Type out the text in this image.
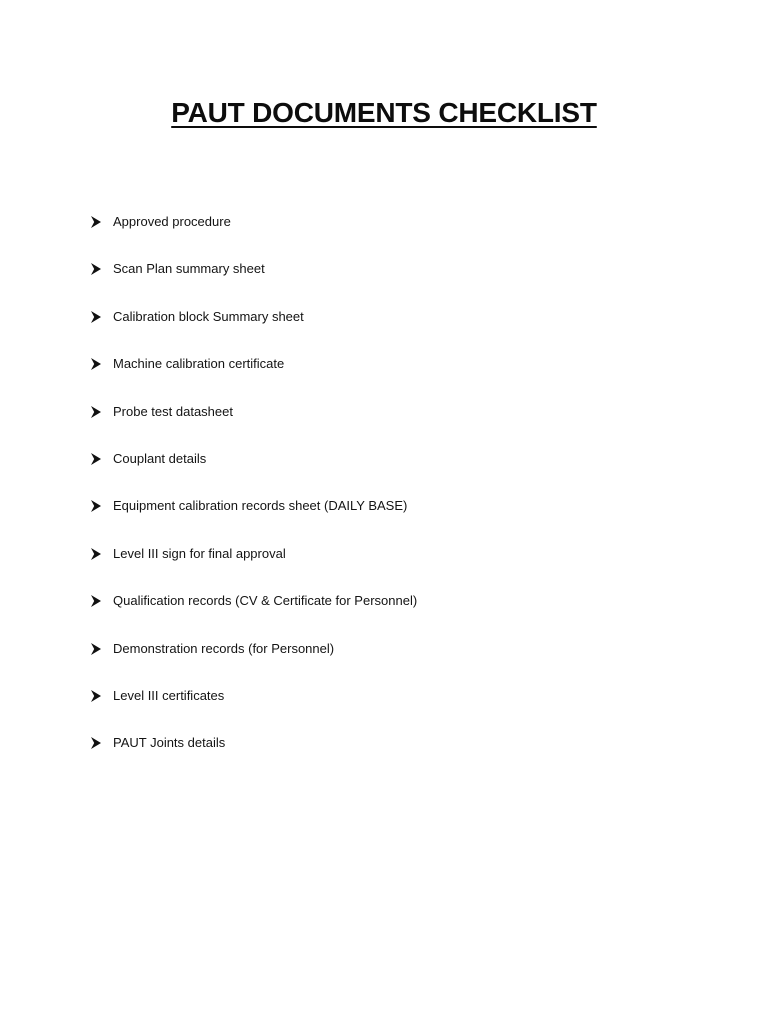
PAUT DOCUMENTS CHECKLIST
Approved procedure
Scan Plan summary sheet
Calibration block Summary sheet
Machine calibration certificate
Probe test datasheet
Couplant details
Equipment calibration records sheet (DAILY BASE)
Level III sign for final approval
Qualification records (CV & Certificate for Personnel)
Demonstration records (for Personnel)
Level III certificates
PAUT Joints details
